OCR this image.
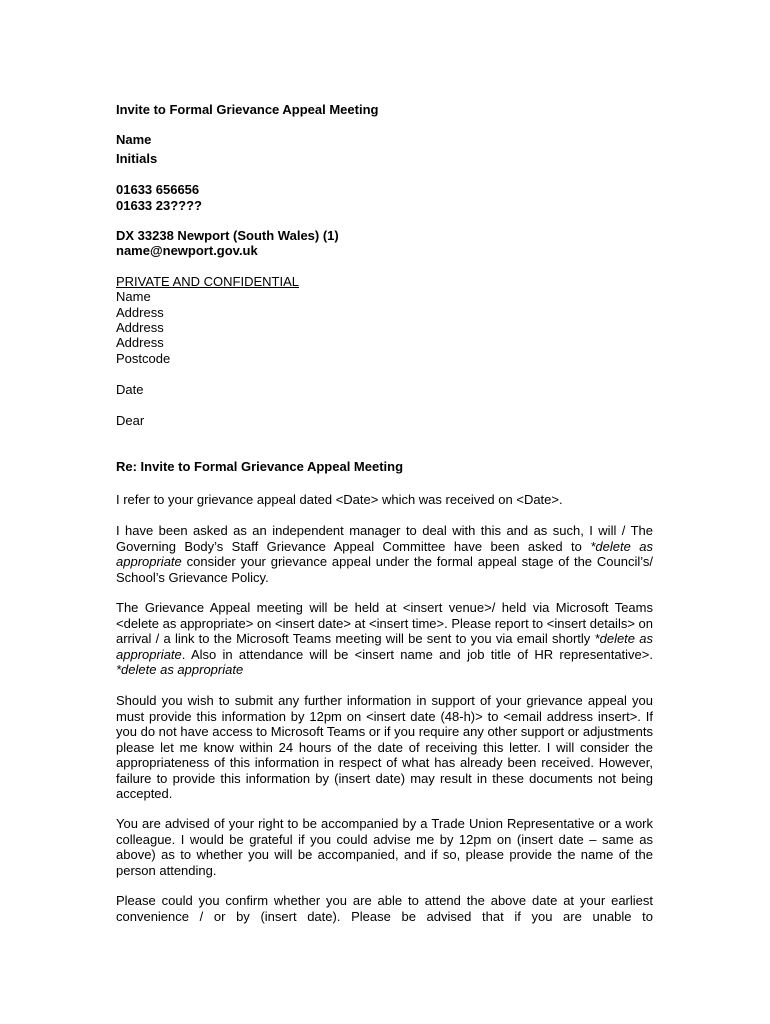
Invite to Formal Grievance Appeal Meeting
Name
Initials
01633 656656
01633 23????
DX 33238 Newport (South Wales) (1)
name@newport.gov.uk
PRIVATE AND CONFIDENTIAL
Name
Address
Address
Address
Postcode
Date
Dear
Re: Invite to Formal Grievance Appeal Meeting
I refer to your grievance appeal dated <Date> which was received on <Date>.

I have been asked as an independent manager to deal with this and as such, I will / The Governing Body’s Staff Grievance Appeal Committee have been asked to *delete as appropriate consider your grievance appeal under the formal appeal stage of the Council’s/ School’s Grievance Policy.

The Grievance Appeal meeting will be held at <insert venue>/ held via Microsoft Teams <delete as appropriate> on <insert date> at <insert time>. Please report to <insert details> on arrival / a link to the Microsoft Teams meeting will be sent to you via email shortly *delete as appropriate. Also in attendance will be <insert name and job title of HR representative>. *delete as appropriate

Should you wish to submit any further information in support of your grievance appeal you must provide this information by 12pm on <insert date (48-h)> to <email address insert>. If you do not have access to Microsoft Teams or if you require any other support or adjustments please let me know within 24 hours of the date of receiving this letter. I will consider the appropriateness of this information in respect of what has already been received. However, failure to provide this information by (insert date) may result in these documents not being accepted.
You are advised of your right to be accompanied by a Trade Union Representative or a work colleague. I would be grateful if you could advise me by 12pm on (insert date – same as above) as to whether you will be accompanied, and if so, please provide the name of the person attending.
Please could you confirm whether you are able to attend the above date at your earliest convenience / or by (insert date). Please be advised that if you are unable to
